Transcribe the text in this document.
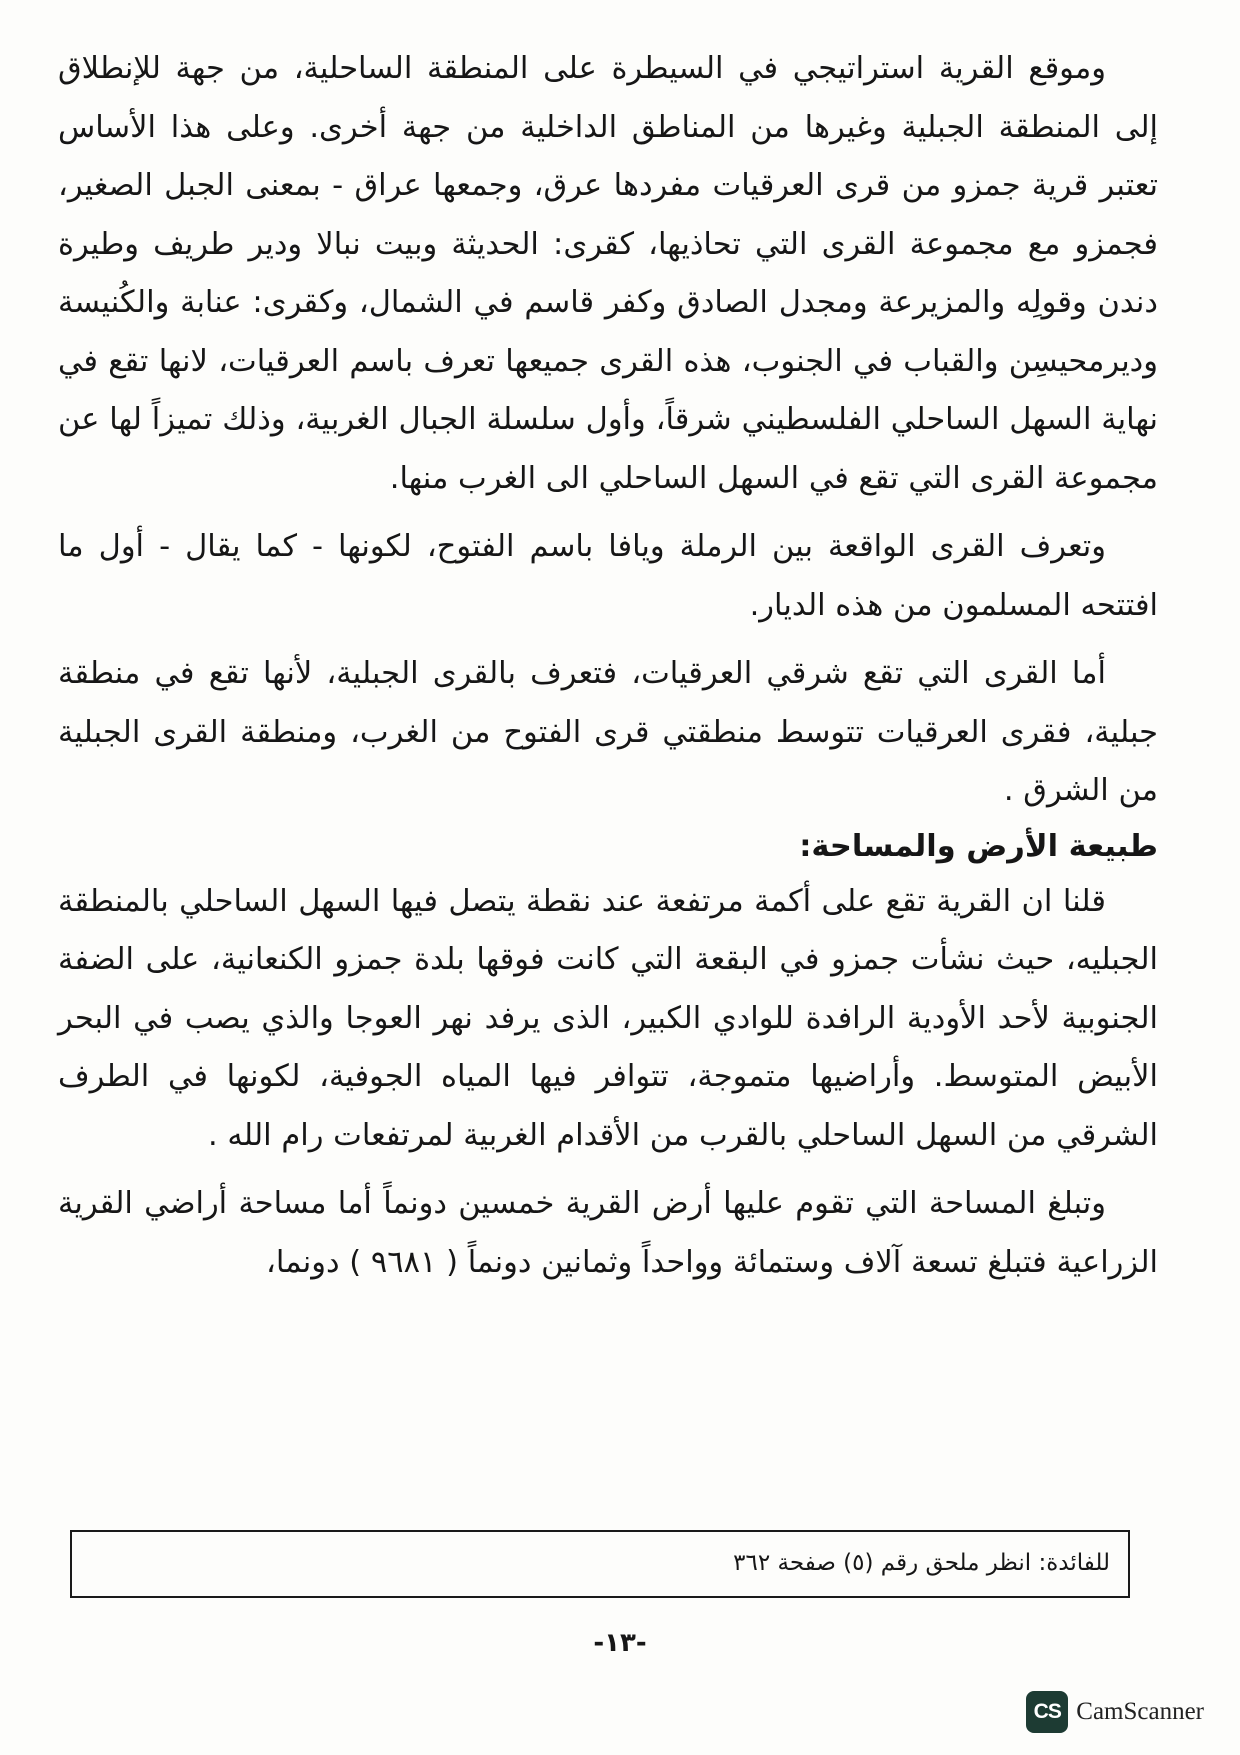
وموقع القرية استراتيجي في السيطرة على المنطقة الساحلية، من جهة للإنطلاق إلى المنطقة الجبلية وغيرها من المناطق الداخلية من جهة أخرى. وعلى هذا الأساس تعتبر قرية جمزو من قرى العرقيات مفردها عرق، وجمعها عراق - بمعنى الجبل الصغير، فجمزو مع مجموعة القرى التي تحاذيها، كقرى: الحديثة وبيت نبالا ودير طريف وطيرة دندن وقولِه والمزيرعة ومجدل الصادق وكفر قاسم في الشمال، وكقرى: عنابة والكُنيسة وديرمحيسِن والقباب في الجنوب، هذه القرى جميعها تعرف باسم العرقيات، لانها تقع في نهاية السهل الساحلي الفلسطيني شرقاً، وأول سلسلة الجبال الغربية، وذلك تميزاً لها عن مجموعة القرى التي تقع في السهل الساحلي الى الغرب منها.

وتعرف القرى الواقعة بين الرملة ويافا باسم الفتوح، لكونها - كما يقال - أول ما افتتحه المسلمون من هذه الديار.

أما القرى التي تقع شرقي العرقيات، فتعرف بالقرى الجبلية، لأنها تقع في منطقة جبلية، فقرى العرقيات تتوسط منطقتي قرى الفتوح من الغرب، ومنطقة القرى الجبلية من الشرق .

طبيعة الأرض والمساحة:

قلنا ان القرية تقع على أكمة مرتفعة عند نقطة يتصل فيها السهل الساحلي بالمنطقة الجبليه، حيث نشأت جمزو في البقعة التي كانت فوقها بلدة جمزو الكنعانية، على الضفة الجنوبية لأحد الأودية الرافدة للوادي الكبير، الذى يرفد نهر العوجا والذي يصب في البحر الأبيض المتوسط. وأراضيها متموجة، تتوافر فيها المياه الجوفية، لكونها في الطرف الشرقي من السهل الساحلي بالقرب من الأقدام الغربية لمرتفعات رام الله .

وتبلغ المساحة التي تقوم عليها أرض القرية خمسين دونماً أما مساحة أراضي القرية الزراعية فتبلغ تسعة آلاف وستمائة وواحداً وثمانين دونماً ( ٩٦٨١ ) دونما،

للفائدة: انظر ملحق رقم (٥) صفحة ٣٦٢
-١٣-
CS CamScanner
